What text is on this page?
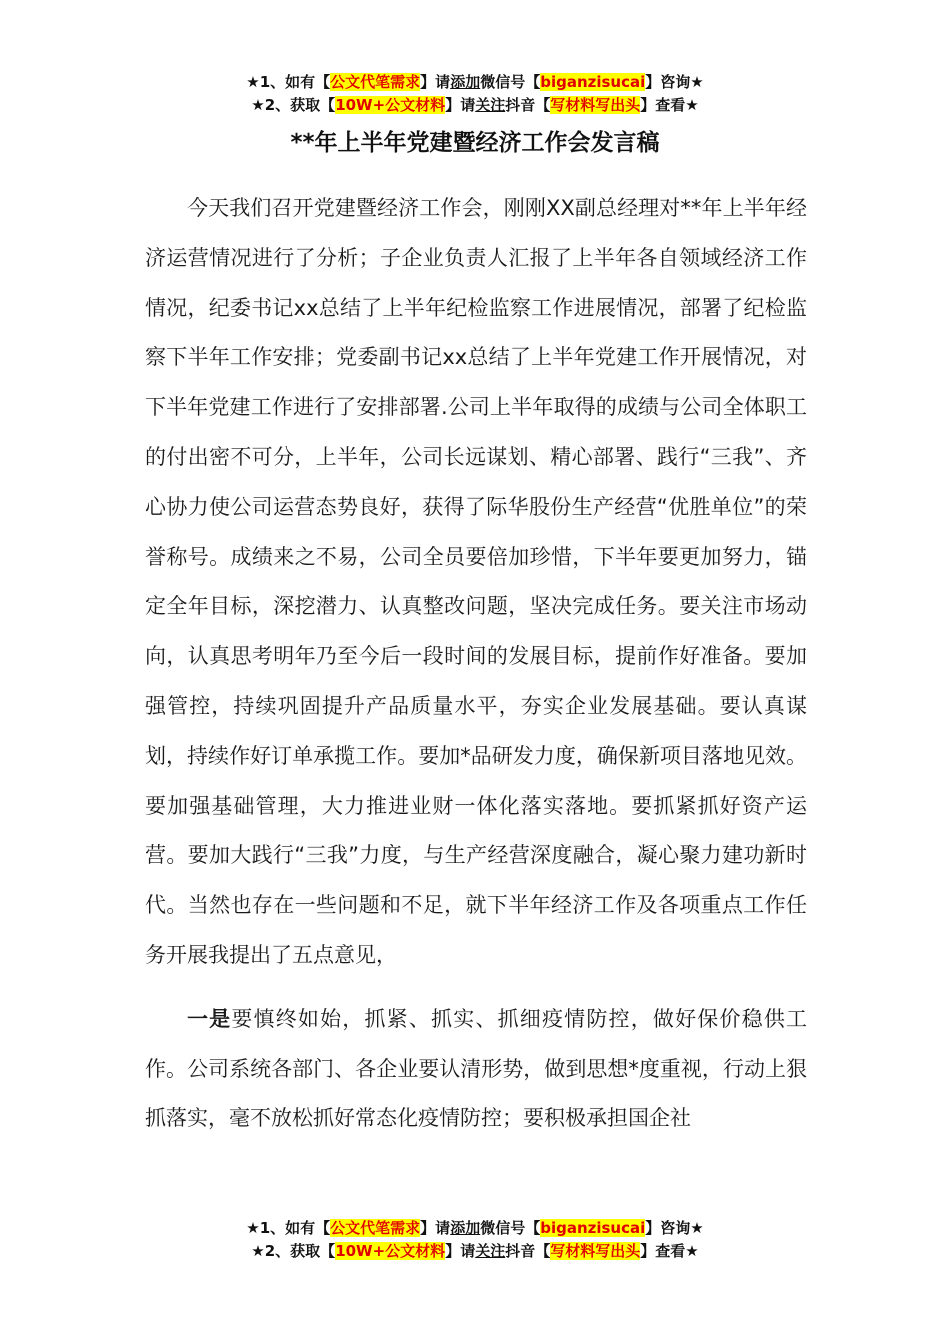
★1、如有【公文代笔需求】请添加微信号【biganzisucai】咨询★
★2、获取【10W+公文材料】请关注抖音【写材料写出头】查看★
**年上半年党建暨经济工作会发言稿

今天我们召开党建暨经济工作会，刚刚XX副总经理对**年上半年经济运营情况进行了分析；子企业负责人汇报了上半年各自领域经济工作情况，纪委书记xx总结了上半年纪检监察工作进展情况，部署了纪检监察下半年工作安排；党委副书记xx总结了上半年党建工作开展情况，对下半年党建工作进行了安排部署.公司上半年取得的成绩与公司全体职工的付出密不可分，上半年，公司长远谋划、精心部署、践行“三我”、齐心协力使公司运营态势良好，获得了际华股份生产经营“优胜单位”的荣誉称号。成绩来之不易，公司全员要倍加珍惜，下半年要更加努力，锚定全年目标，深挖潜力、认真整改问题，坚决完成任务。要关注市场动向，认真思考明年乃至今后一段时间的发展目标，提前作好准备。要加强管控，持续巩固提升产品质量水平，夯实企业发展基础。要认真谋划，持续作好订单承揽工作。要加*品研发力度，确保新项目落地见效。要加强基础管理，大力推进业财一体化落实落地。要抓紧抓好资产运营。要加大践行“三我”力度，与生产经营深度融合，凝心聚力建功新时代。当然也存在一些问题和不足，就下半年经济工作及各项重点工作任务开展我提出了五点意见，

一是要慎终如始，抓紧、抓实、抓细疫情防控，做好保价稳供工作。公司系统各部门、各企业要认清形势，做到思想*度重视，行动上狠抓落实，毫不放松抓好常态化疫情防控；要积极承担国企社

★1、如有【公文代笔需求】请添加微信号【biganzisucai】咨询★
★2、获取【10W+公文材料】请关注抖音【写材料写出头】查看★
